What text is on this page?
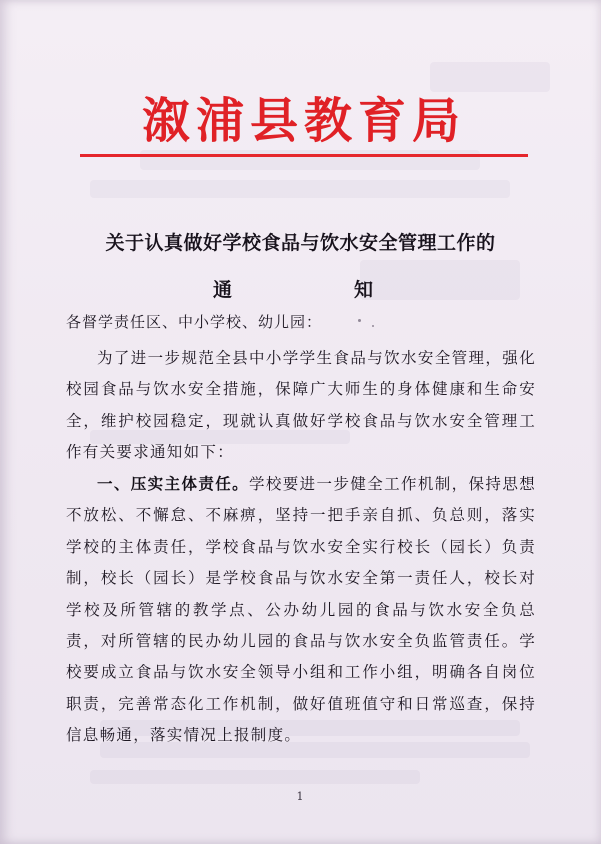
溆浦县教育局
关于认真做好学校食品与饮水安全管理工作的
通　　知

各督学责任区、中小学校、幼儿园：

为了进一步规范全县中小学学生食品与饮水安全管理，强化校园食品与饮水安全措施，保障广大师生的身体健康和生命安全，维护校园稳定，现就认真做好学校食品与饮水安全管理工作有关要求通知如下：

一、压实主体责任。学校要进一步健全工作机制，保持思想不放松、不懈怠、不麻痹，坚持一把手亲自抓、负总则，落实学校的主体责任，学校食品与饮水安全实行校长（园长）负责制，校长（园长）是学校食品与饮水安全第一责任人，校长对学校及所管辖的教学点、公办幼儿园的食品与饮水安全负总责，对所管辖的民办幼儿园的食品与饮水安全负监管责任。学校要成立食品与饮水安全领导小组和工作小组，明确各自岗位职责，完善常态化工作机制，做好值班值守和日常巡查，保持信息畅通，落实情况上报制度。

1
